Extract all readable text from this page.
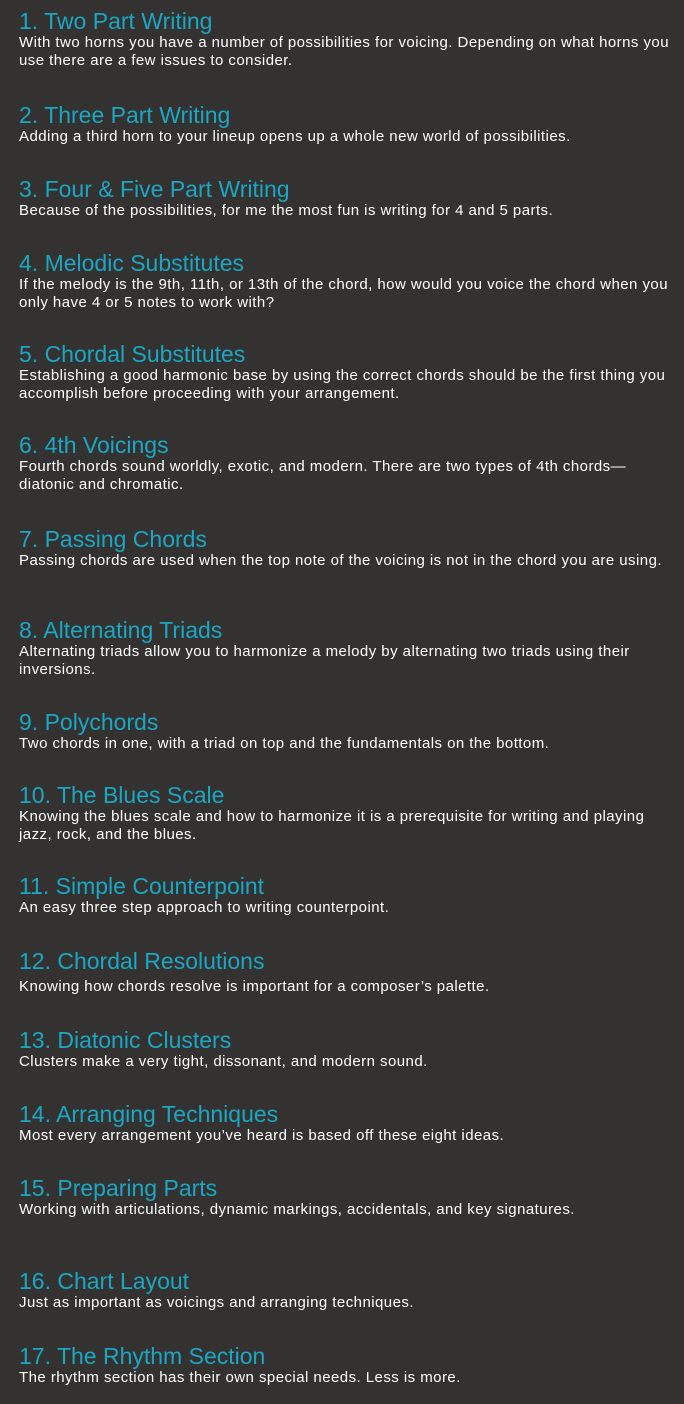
1. Two Part Writing
With two horns you have a number of possibilities for voicing. Depending on what horns you use there are a few issues to consider.
2. Three Part Writing
Adding a third horn to your lineup opens up a whole new world of possibilities.
3. Four & Five Part Writing
Because of the possibilities, for me the most fun is writing for 4 and 5 parts.
4. Melodic Substitutes
If the melody is the 9th, 11th, or 13th of the chord, how would you voice the chord when you only have 4 or 5 notes to work with?
5. Chordal Substitutes
Establishing a good harmonic base by using the correct chords should be the first thing you accomplish before proceeding with your arrangement.
6. 4th Voicings
Fourth chords sound worldly, exotic, and modern. There are two types of 4th chords—diatonic and chromatic.
7. Passing Chords
Passing chords are used when the top note of the voicing is not in the chord you are using.
8. Alternating Triads
Alternating triads allow you to harmonize a melody by alternating two triads using their inversions.
9. Polychords
Two chords in one, with a triad on top and the fundamentals on the bottom.
10. The Blues Scale
Knowing the blues scale and how to harmonize it is a prerequisite for writing and playing jazz, rock, and the blues.
11. Simple Counterpoint
An easy three step approach to writing counterpoint.
12. Chordal Resolutions
Knowing how chords resolve is important for a composer’s palette.
13. Diatonic Clusters
Clusters make a very tight, dissonant, and modern sound.
14. Arranging Techniques
Most every arrangement you’ve heard is based off these eight ideas.
15. Preparing Parts
Working with articulations, dynamic markings, accidentals, and key signatures.
16. Chart Layout
Just as important as voicings and arranging techniques.
17. The Rhythm Section
The rhythm section has their own special needs. Less is more.
